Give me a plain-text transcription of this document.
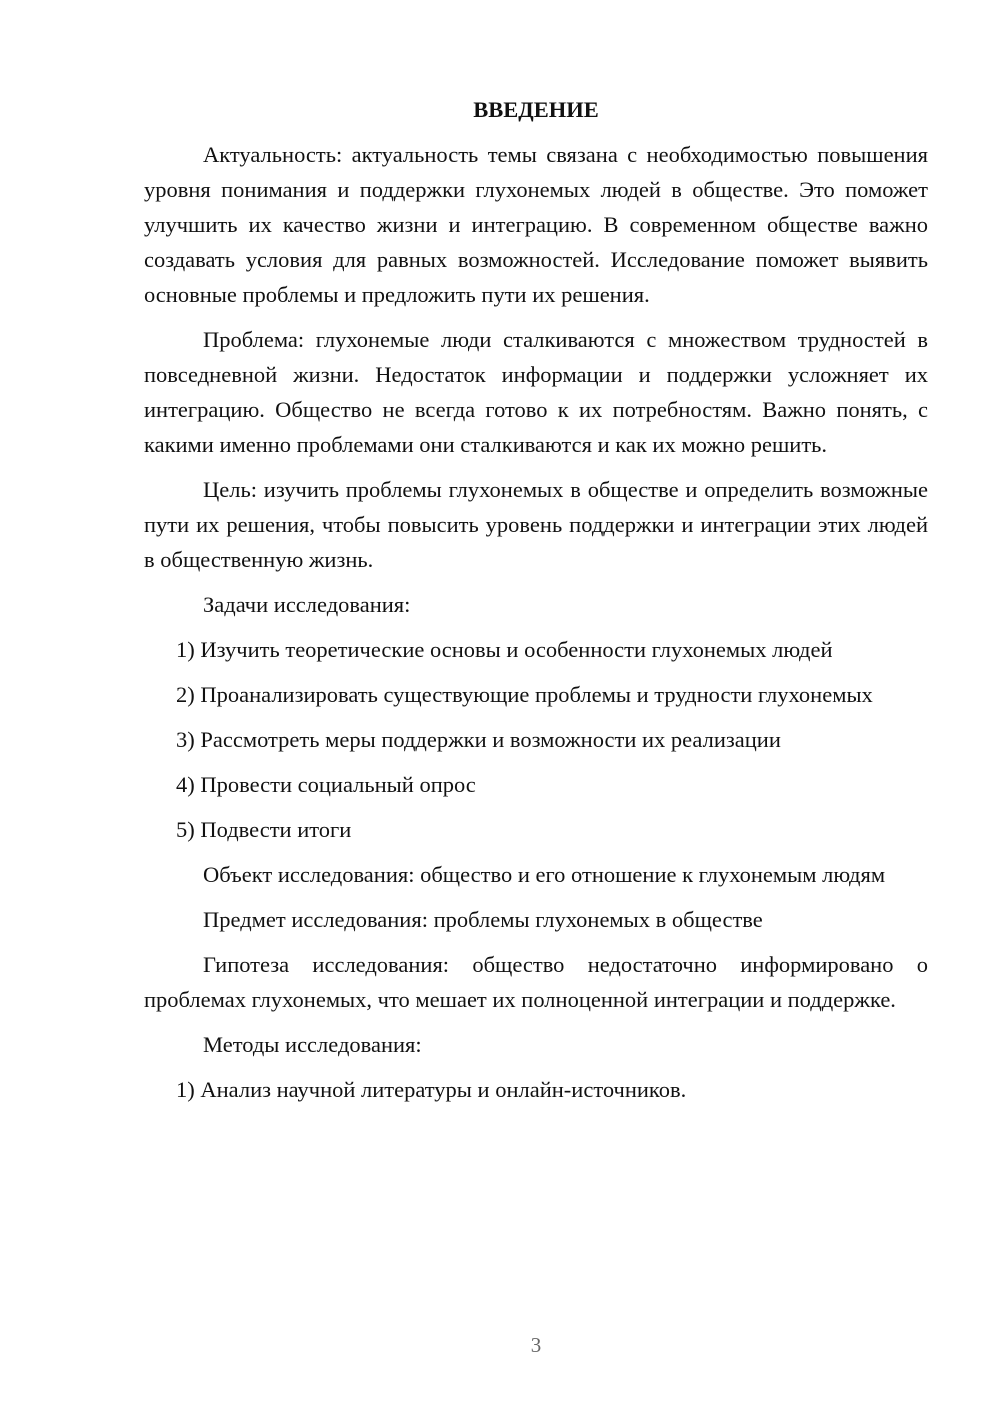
ВВЕДЕНИЕ

Актуальность: актуальность темы связана с необходимостью повышения уровня понимания и поддержки глухонемых людей в обществе. Это поможет улучшить их качество жизни и интеграцию. В современном обществе важно создавать условия для равных возможностей. Исследование поможет выявить основные проблемы и предложить пути их решения.

Проблема: глухонемые люди сталкиваются с множеством трудностей в повседневной жизни. Недостаток информации и поддержки усложняет их интеграцию. Общество не всегда готово к их потребностям. Важно понять, с какими именно проблемами они сталкиваются и как их можно решить.

Цель: изучить проблемы глухонемых в обществе и определить возможные пути их решения, чтобы повысить уровень поддержки и интеграции этих людей в общественную жизнь.

Задачи исследования:

1) Изучить теоретические основы и особенности глухонемых людей

2) Проанализировать существующие проблемы и трудности глухонемых

3) Рассмотреть меры поддержки и возможности их реализации

4) Провести социальный опрос

5) Подвести итоги

Объект исследования: общество и его отношение к глухонемым людям

Предмет исследования: проблемы глухонемых в обществе

Гипотеза исследования: общество недостаточно информировано о проблемах глухонемых, что мешает их полноценной интеграции и поддержке.

Методы исследования:

1) Анализ научной литературы и онлайн-источников.

3
